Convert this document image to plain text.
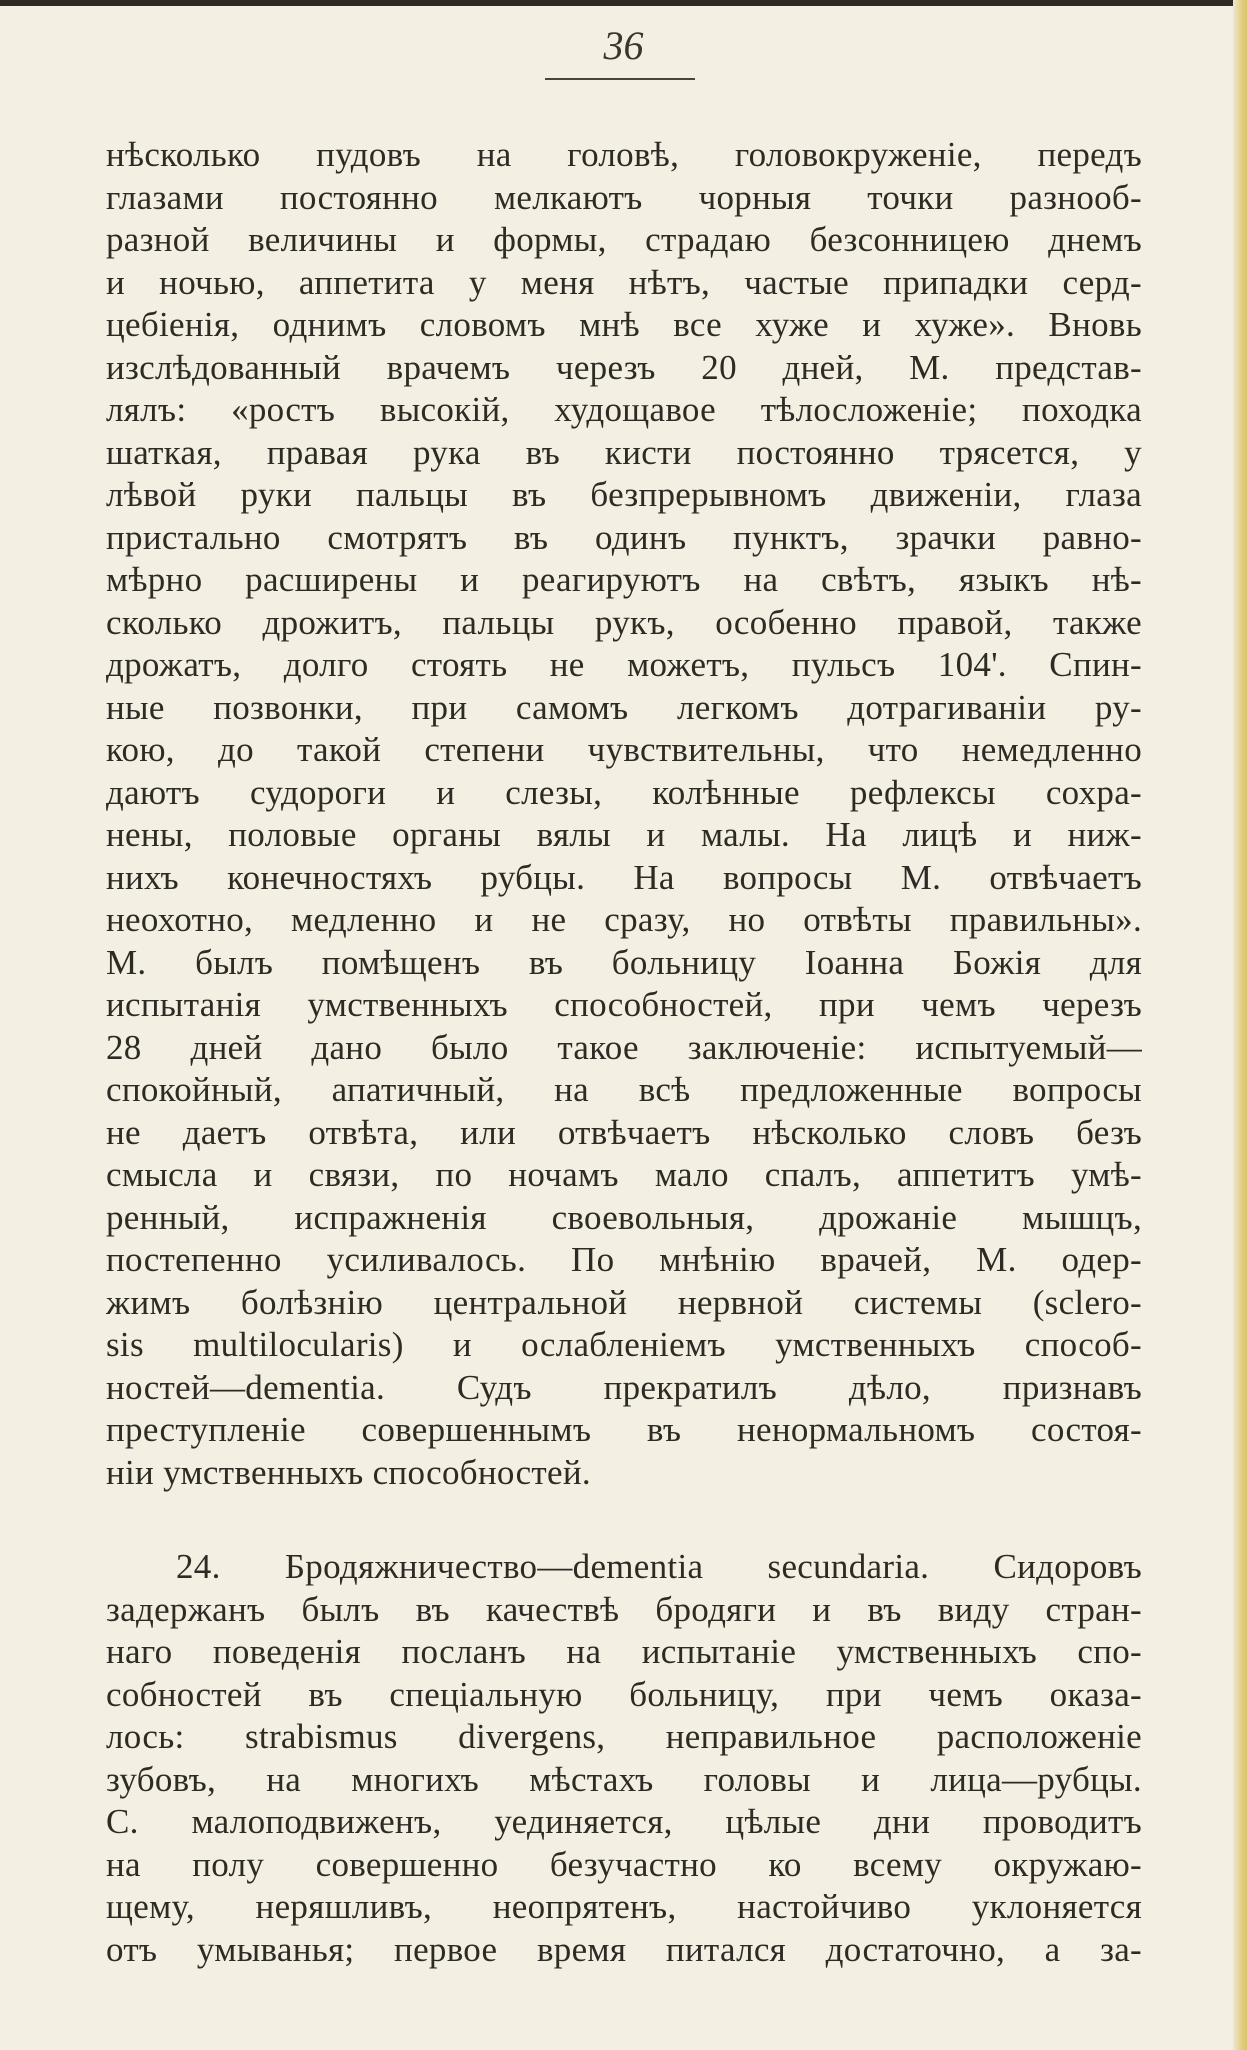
36
нѣсколько пудовъ на головѣ, головокруженіе, передъ
глазами постоянно мелкаютъ чорныя точки разнооб-
разной величины и формы, страдаю безсонницею днемъ
и ночью, аппетита у меня нѣтъ, частые припадки серд-
цебіенія, однимъ словомъ мнѣ все хуже и хуже». Вновь
изслѣдованный врачемъ черезъ 20 дней, М. представ-
лялъ: «ростъ высокій, худощавое тѣлосложеніе; походка
шаткая, правая рука въ кисти постоянно трясется, у
лѣвой руки пальцы въ безпрерывномъ движеніи, глаза
пристально смотрятъ въ одинъ пунктъ, зрачки равно-
мѣрно расширены и реагируютъ на свѣтъ, языкъ нѣ-
сколько дрожитъ, пальцы рукъ, особенно правой, также
дрожатъ, долго стоять не можетъ, пульсъ 104'. Спин-
ные позвонки, при самомъ легкомъ дотрагиваніи ру-
кою, до такой степени чувствительны, что немедленно
даютъ судороги и слезы, колѣнные рефлексы сохра-
нены, половые органы вялы и малы. На лицѣ и ниж-
нихъ конечностяхъ рубцы. На вопросы М. отвѣчаетъ
неохотно, медленно и не сразу, но отвѣты правильны».
М. былъ помѣщенъ въ больницу Іоанна Божія для
испытанія умственныхъ способностей, при чемъ черезъ
28 дней дано было такое заключеніе: испытуемый—
спокойный, апатичный, на всѣ предложенные вопросы
не даетъ отвѣта, или отвѣчаетъ нѣсколько словъ безъ
смысла и связи, по ночамъ мало спалъ, аппетитъ умѣ-
ренный, испражненія своевольныя, дрожаніе мышцъ,
постепенно усиливалось. По мнѣнію врачей, М. одер-
жимъ болѣзнію центральной нервной системы (sclero-
sis multilocularis) и ослабленіемъ умственныхъ способ-
ностей—dementia. Судъ прекратилъ дѣло, признавъ
преступленіе совершеннымъ въ ненормальномъ состоя-
ніи умственныхъ способностей.
24. Бродяжничество—dementia secundaria. Сидоровъ
задержанъ былъ въ качествѣ бродяги и въ виду стран-
наго поведенія посланъ на испытаніе умственныхъ спо-
собностей въ спеціальную больницу, при чемъ оказа-
лось: strabismus divergens, неправильное расположеніе
зубовъ, на многихъ мѣстахъ головы и лица—рубцы.
С. малоподвиженъ, уединяется, цѣлые дни проводитъ
на полу совершенно безучастно ко всему окружаю-
щему, неряшливъ, неопрятенъ, настойчиво уклоняется
отъ умыванья; первое время питался достаточно, а за-
